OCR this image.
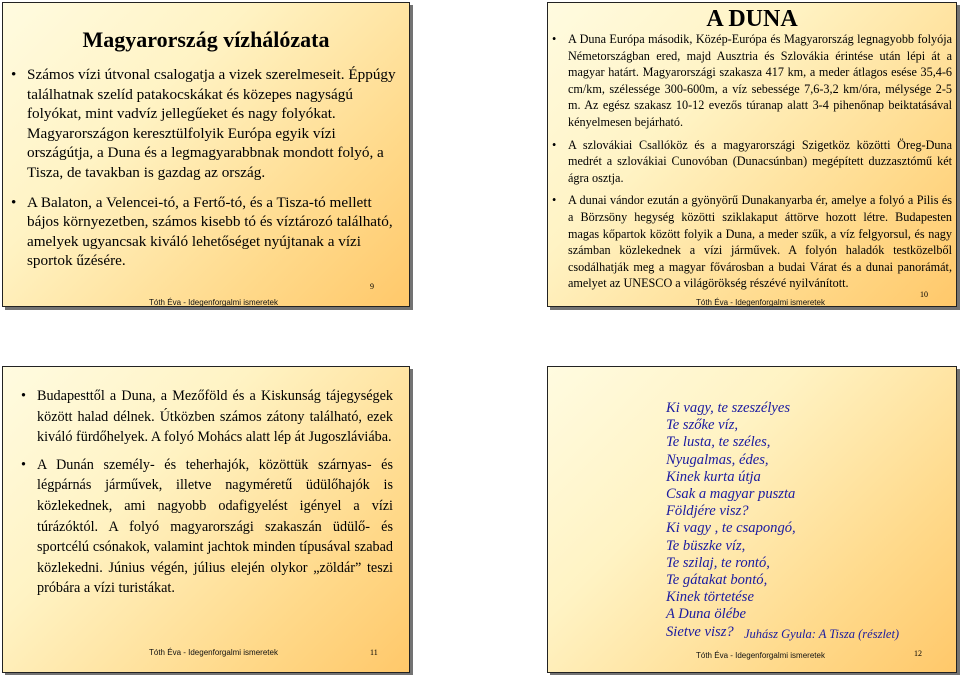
Magyarország vízhálózata
• Számos vízi útvonal csalogatja a vizek szerelmeseit. Éppúgy találhatnak szelíd patakocskákat és közepes nagyságú folyókat, mint vadvíz jellegűeket és nagy folyókat. Magyarországon keresztülfolyik Európa egyik vízi országútja, a Duna és a legmagyarabbnak mondott folyó, a Tisza, de tavakban is gazdag az ország.
• A Balaton, a Velencei-tó, a Fertő-tó, és a Tisza-tó mellett bájos környezetben, számos kisebb tó és víztározó található, amelyek ugyancsak kiváló lehetőséget nyújtanak a vízi sportok űzésére.
9
Tóth Éva - Idegenforgalmi ismeretek
A DUNA
• A Duna Európa második, Közép-Európa és Magyarország legnagyobb folyója Németországban ered, majd Ausztria és Szlovákia érintése után lépi át a magyar határt. Magyarországi szakasza 417 km, a meder átlagos esése 35,4-6 cm/km, szélessége 300-600m, a víz sebessége 7,6-3,2 km/óra, mélysége 2-5 m. Az egész szakasz 10-12 evezős túranap alatt 3-4 pihenőnap beiktatásával kényelmesen bejárható.
• A szlovákiai Csallóköz és a magyarországi Szigetköz közötti Öreg-Duna medrét a szlovákiai Cunovóban (Dunacsúnban) megépített duzzasztómű két ágra osztja.
• A dunai vándor ezután a gyönyörű Dunakanyarba ér, amelye a folyó a Pilis és a Börzsöny hegység közötti sziklakaput áttörve hozott létre. Budapesten magas kőpartok között folyik a Duna, a meder szűk, a víz felgyorsul, és nagy számban közlekednek a vízi járművek. A folyón haladók testközelből csodálhatják meg a magyar fővárosban a budai Várat és a dunai panorámát, amelyet az UNESCO a világörökség részévé nyilvánított.
10
Tóth Éva - Idegenforgalmi ismeretek
• Budapesttől a Duna, a Mezőföld és a Kiskunság tájegységek között halad délnek. Útközben számos zátony található, ezek kiváló fürdőhelyek. A folyó Mohács alatt lép át Jugoszláviába.
• A Dunán személy- és teherhajók, közöttük szárnyas- és légpárnás járművek, illetve nagyméretű üdülőhajók is közlekednek, ami nagyobb odafigyelést igényel a vízi túrázóktól. A folyó magyarországi szakaszán üdülő- és sportcélú csónakok, valamint jachtok minden típusával szabad közlekedni. Június végén, július elején olykor „zöldár” teszi próbára a vízi turistákat.
Tóth Éva - Idegenforgalmi ismeretek	11
Ki vagy, te szeszélyes
Te szőke víz,
Te lusta, te széles,
Nyugalmas, édes,
Kinek kurta útja
Csak a magyar puszta
Földjére visz?
Ki vagy , te csapongó,
Te büszke víz,
Te szilaj, te rontó,
Te gátakat bontó,
Kinek törtetése
A Duna ölébe
Sietve visz? Juhász Gyula: A Tisza (részlet)
Tóth Éva - Idegenforgalmi ismeretek	12
